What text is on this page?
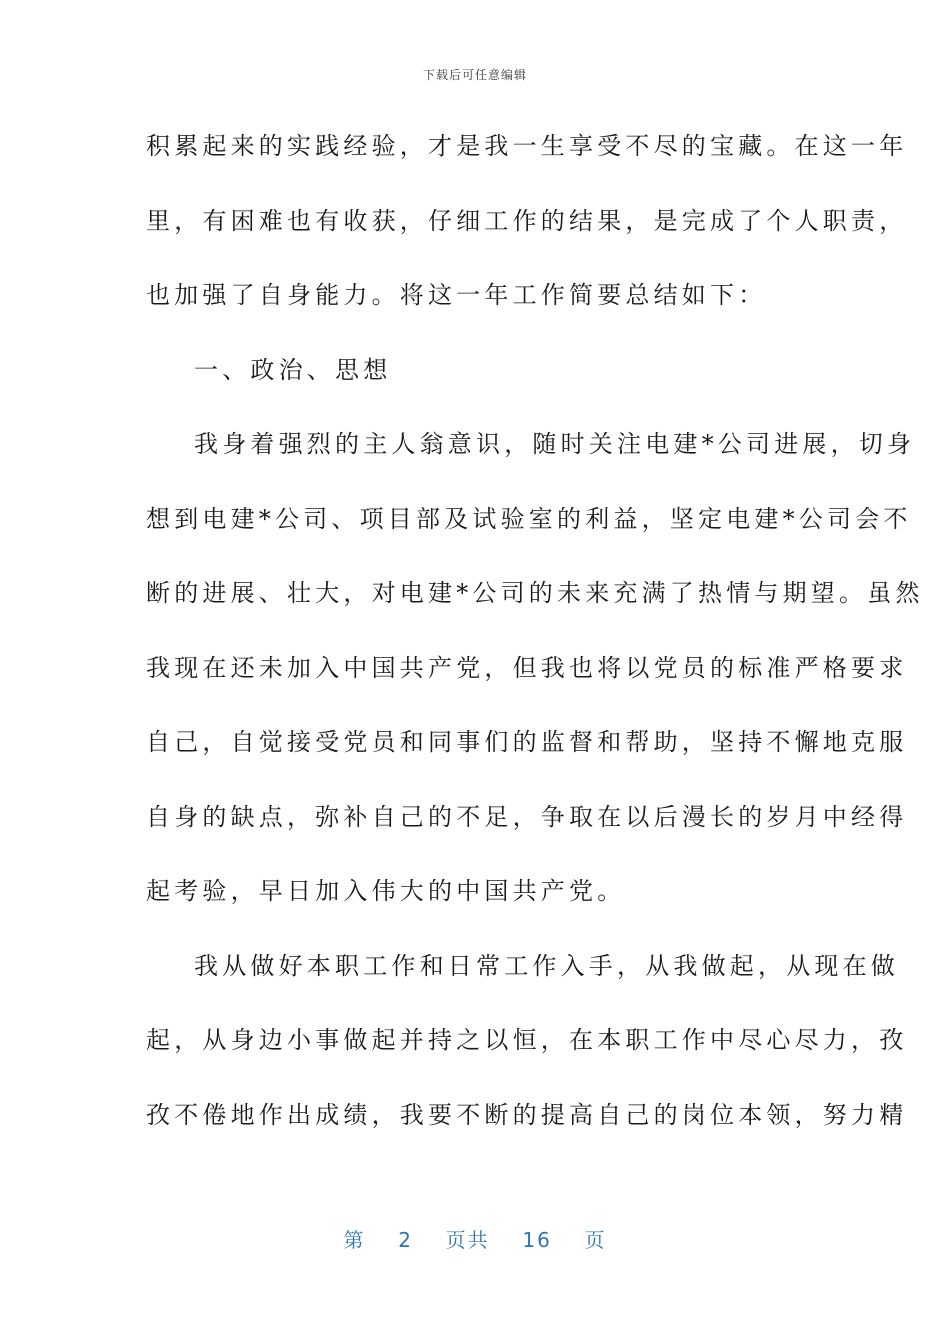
下载后可任意编辑
积累起来的实践经验，才是我一生享受不尽的宝藏。在这一年
里，有困难也有收获，仔细工作的结果，是完成了个人职责，
也加强了自身能力。将这一年工作简要总结如下：
一、政治、思想
我身着强烈的主人翁意识，随时关注电建*公司进展，切身
想到电建*公司、项目部及试验室的利益，坚定电建*公司会不
断的进展、壮大，对电建*公司的未来充满了热情与期望。虽然
我现在还未加入中国共产党，但我也将以党员的标准严格要求
自己，自觉接受党员和同事们的监督和帮助，坚持不懈地克服
自身的缺点，弥补自己的不足，争取在以后漫长的岁月中经得
起考验，早日加入伟大的中国共产党。
我从做好本职工作和日常工作入手，从我做起，从现在做
起，从身边小事做起并持之以恒，在本职工作中尽心尽力，孜
孜不倦地作出成绩，我要不断的提高自己的岗位本领，努力精
第 2 页共 16 页
